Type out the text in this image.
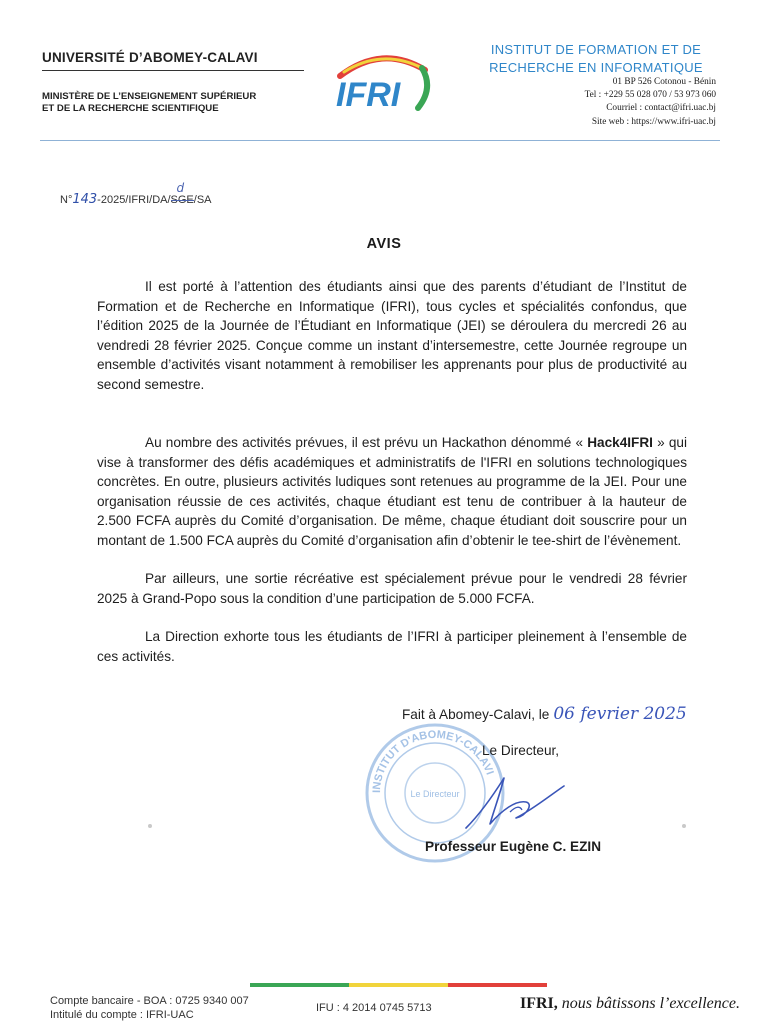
UNIVERSITÉ D’ABOMEY-CALAVI
MINISTÈRE DE L’ENSEIGNEMENT SUPÉRIEUR
ET DE LA RECHERCHE SCIENTIFIQUE	IFRI
INSTITUT DE FORMATION ET DE
RECHERCHE EN INFORMATIQUE
01 BP 526 Cotonou - Bénin
Tel : +229 55 028 070 / 53 973 060
Courriel : contact@ifri.uac.bj
Site web : https://www.ifri-uac.bj
N°143-2025/IFRI/DA/SGE
d
/SA
AVIS

Il est porté à l’attention des étudiants ainsi que des parents d’étudiant de l’Institut de Formation et de Recherche en Informatique (IFRI), tous cycles et spécialités confondus, que l’édition 2025 de la Journée de l’Étudiant en Informatique (JEI) se déroulera du mercredi 26 au vendredi 28 février 2025. Conçue comme un instant d’intersemestre, cette Journée regroupe un ensemble d’activités visant notamment à remobiliser les apprenants pour plus de productivité au second semestre.

Au nombre des activités prévues, il est prévu un Hackathon dénommé « Hack4IFRI » qui vise à transformer des défis académiques et administratifs de l'IFRI en solutions technologiques concrètes. En outre, plusieurs activités ludiques sont retenues au programme de la JEI. Pour une organisation réussie de ces activités, chaque étudiant est tenu de contribuer à la hauteur de 2.500 FCFA auprès du Comité d’organisation. De même, chaque étudiant doit souscrire pour un montant de 1.500 FCA auprès du Comité d’organisation afin d’obtenir le tee-shirt de l’évènement.

Par ailleurs, une sortie récréative est spécialement prévue pour le vendredi 28 février 2025 à Grand-Popo sous la condition d’une participation de 5.000 FCFA.

La Direction exhorte tous les étudiants de l’IFRI à participer pleinement à l’ensemble de ces activités.

INSTITUT D'ABOMEY-CALAVI
Le Directeur
Fait à Abomey-Calavi, le 06 fevrier 2025
Le Directeur,
Professeur Eugène C. EZIN
Compte bancaire - BOA : 0725 9340 007
Intitulé du compte : IFRI-UAC
IFU : 4 2014 0745 5713	IFRI, nous bâtissons l’excellence.
